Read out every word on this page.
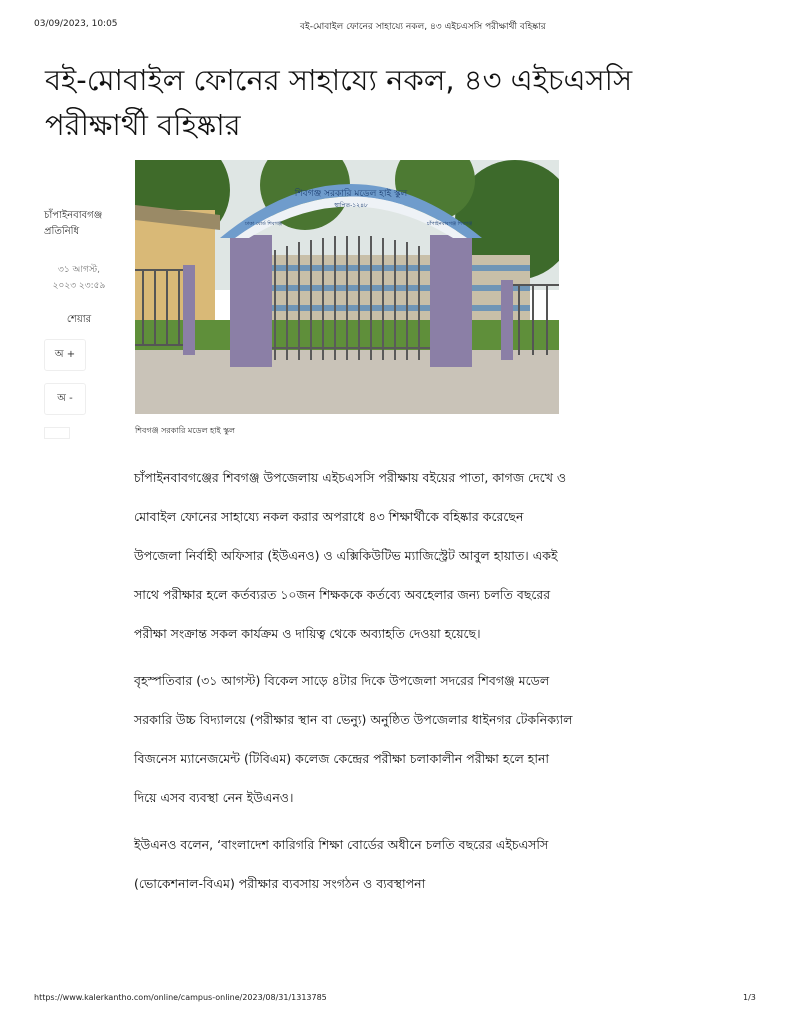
03/09/2023, 10:05	বই-মোবাইল ফোনের সাহায্যে নকল, ৪৩ এইচএসসি পরীক্ষার্থী বহিষ্কার
বই-মোবাইল ফোনের সাহায্যে নকল, ৪৩ এইচএসসি পরীক্ষার্থী বহিষ্কার
চাঁপাইনবাবগঞ্জ
প্রতিনিধি
৩১ আগস্ট,
২০২৩ ২৩:৫৯
শেয়ার
অ +
অ -
শিবগঞ্জ সরকারি মডেল হাই স্কুল
স্থাপিত-১২৪৮
ঢাকা বোর্ড শিবগঞ্জ	চাঁপাইনবাবগঞ্জ শিবগঞ্জ
শিবগঞ্জ সরকারি মডেল হাই স্কুল

চাঁপাইনবাবগঞ্জের শিবগঞ্জ উপজেলায় এইচএসসি পরীক্ষায় বইয়ের পাতা, কাগজ দেখে ও মোবাইল ফোনের সাহায্যে নকল করার অপরাধে ৪৩ শিক্ষার্থীকে বহিষ্কার করেছেন উপজেলা নির্বাহী অফিসার (ইউএনও) ও এক্সিকিউটিভ ম্যাজিস্ট্রেট আবুল হায়াত। একই সাথে পরীক্ষার হলে কর্তব্যরত ১০জন শিক্ষককে কর্তব্যে অবহেলার জন্য চলতি বছরের পরীক্ষা সংক্রান্ত সকল কার্যক্রম ও দায়িত্ব থেকে অব্যাহতি দেওয়া হয়েছে।

বৃহস্পতিবার (৩১ আগস্ট) বিকেল সাড়ে ৪টার দিকে উপজেলা সদরের শিবগঞ্জ মডেল সরকারি উচ্চ বিদ্যালয়ে (পরীক্ষার স্থান বা ভেন্যু) অনুষ্ঠিত উপজেলার ধাইনগর টেকনিক্যাল বিজনেস ম্যানেজমেন্ট (টিবিএম) কলেজ কেন্দ্রের পরীক্ষা চলাকালীন পরীক্ষা হলে হানা দিয়ে এসব ব্যবস্থা নেন ইউএনও।

ইউএনও বলেন, ‘বাংলাদেশ কারিগরি শিক্ষা বোর্ডের অধীনে চলতি বছরের এইচএসসি (ভোকেশনাল-বিএম) পরীক্ষার ব্যবসায় সংগঠন ও ব্যবস্থাপনা

https://www.kalerkantho.com/online/campus-online/2023/08/31/1313785	1/3
